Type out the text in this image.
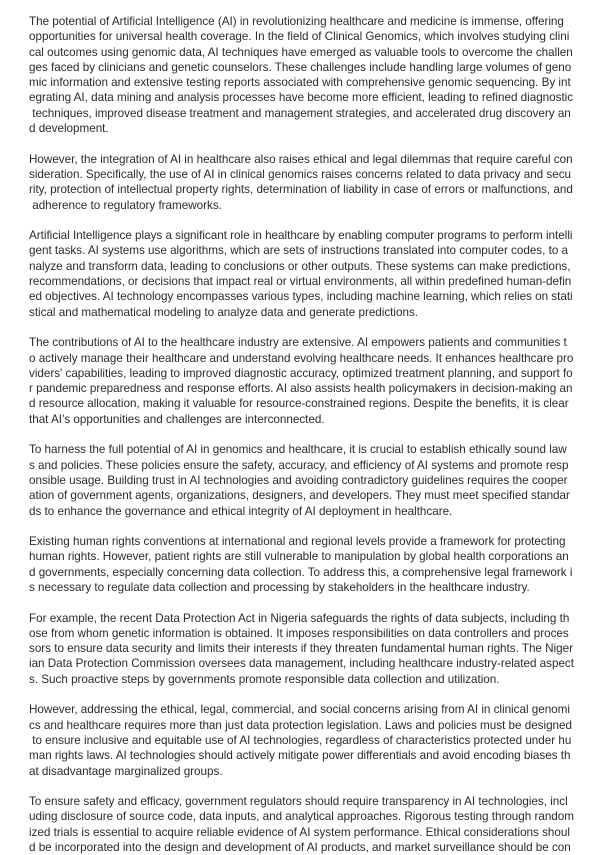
The potential of Artificial Intelligence (AI) in revolutionizing healthcare and medicine is immense, offering
opportunities for universal health coverage. In the field of Clinical Genomics, which involves studying clini
cal outcomes using genomic data, AI techniques have emerged as valuable tools to overcome the challen
ges faced by clinicians and genetic counselors. These challenges include handling large volumes of geno
mic information and extensive testing reports associated with comprehensive genomic sequencing. By int
egrating AI, data mining and analysis processes have become more efficient, leading to refined diagnostic
techniques, improved disease treatment and management strategies, and accelerated drug discovery an
d development.

However, the integration of AI in healthcare also raises ethical and legal dilemmas that require careful con
sideration. Specifically, the use of AI in clinical genomics raises concerns related to data privacy and secu
rity, protection of intellectual property rights, determination of liability in case of errors or malfunctions, and
adherence to regulatory frameworks.

Artificial Intelligence plays a significant role in healthcare by enabling computer programs to perform intelli
gent tasks. AI systems use algorithms, which are sets of instructions translated into computer codes, to a
nalyze and transform data, leading to conclusions or other outputs. These systems can make predictions,
recommendations, or decisions that impact real or virtual environments, all within predefined human-defin
ed objectives. AI technology encompasses various types, including machine learning, which relies on stati
stical and mathematical modeling to analyze data and generate predictions.

The contributions of AI to the healthcare industry are extensive. AI empowers patients and communities t
o actively manage their healthcare and understand evolving healthcare needs. It enhances healthcare pro
viders' capabilities, leading to improved diagnostic accuracy, optimized treatment planning, and support fo
r pandemic preparedness and response efforts. AI also assists health policymakers in decision-making an
d resource allocation, making it valuable for resource-constrained regions. Despite the benefits, it is clear
that AI’s opportunities and challenges are interconnected.

To harness the full potential of AI in genomics and healthcare, it is crucial to establish ethically sound law
s and policies. These policies ensure the safety, accuracy, and efficiency of AI systems and promote resp
onsible usage. Building trust in AI technologies and avoiding contradictory guidelines requires the cooper
ation of government agents, organizations, designers, and developers. They must meet specified standar
ds to enhance the governance and ethical integrity of AI deployment in healthcare.

Existing human rights conventions at international and regional levels provide a framework for protecting
human rights. However, patient rights are still vulnerable to manipulation by global health corporations an
d governments, especially concerning data collection. To address this, a comprehensive legal framework i
s necessary to regulate data collection and processing by stakeholders in the healthcare industry.

For example, the recent Data Protection Act in Nigeria safeguards the rights of data subjects, including th
ose from whom genetic information is obtained. It imposes responsibilities on data controllers and proces
sors to ensure data security and limits their interests if they threaten fundamental human rights. The Niger
ian Data Protection Commission oversees data management, including healthcare industry-related aspect
s. Such proactive steps by governments promote responsible data collection and utilization.

However, addressing the ethical, legal, commercial, and social concerns arising from AI in clinical genomi
cs and healthcare requires more than just data protection legislation. Laws and policies must be designed
to ensure inclusive and equitable use of AI technologies, regardless of characteristics protected under hu
man rights laws. AI technologies should actively mitigate power differentials and avoid encoding biases th
at disadvantage marginalized groups.

To ensure safety and efficacy, government regulators should require transparency in AI technologies, incl
uding disclosure of source code, data inputs, and analytical approaches. Rigorous testing through random
ized trials is essential to acquire reliable evidence of AI system performance. Ethical considerations shoul
d be incorporated into the design and development of AI products, and market surveillance should be con
